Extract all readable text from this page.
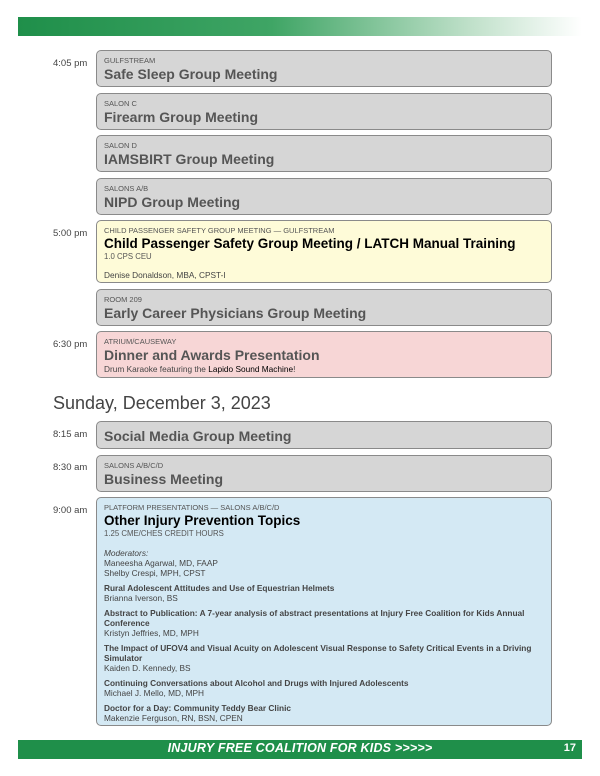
4:05 pm GULFSTREAM
Safe Sleep Group Meeting
SALON C
Firearm Group Meeting
SALON D
IAMSBIRT Group Meeting
SALONS A/B
NIPD Group Meeting
5:00 pm CHILD PASSENGER SAFETY GROUP MEETING — GULFSTREAM
Child Passenger Safety Group Meeting / LATCH Manual Training
1.0 CPS CEU
Denise Donaldson, MBA, CPST-I
ROOM 209
Early Career Physicians Group Meeting
6:30 pm ATRIUM/CAUSEWAY
Dinner and Awards Presentation
Drum Karaoke featuring the Lapido Sound Machine!
Sunday, December 3, 2023
8:15 am Social Media Group Meeting
8:30 am SALONS A/B/C/D
Business Meeting
9:00 am PLATFORM PRESENTATIONS — SALONS A/B/C/D
Other Injury Prevention Topics
1.25 CME/CHES CREDIT HOURS
Moderators:
Maneesha Agarwal, MD, FAAP
Shelby Crespi, MPH, CPST
Rural Adolescent Attitudes and Use of Equestrian Helmets
Brianna Iverson, BS
Abstract to Publication: A 7-year analysis of abstract presentations at Injury Free Coalition for Kids Annual Conference
Kristyn Jeffries, MD, MPH
The Impact of UFOV4 and Visual Acuity on Adolescent Visual Response to Safety Critical Events in a Driving Simulator
Kaiden D. Kennedy, BS
Continuing Conversations about Alcohol and Drugs with Injured Adolescents
Michael J. Mello, MD, MPH
Doctor for a Day: Community Teddy Bear Clinic
Makenzie Ferguson, RN, BSN, CPEN
INJURY FREE COALITION FOR KIDS >>>>>	17
